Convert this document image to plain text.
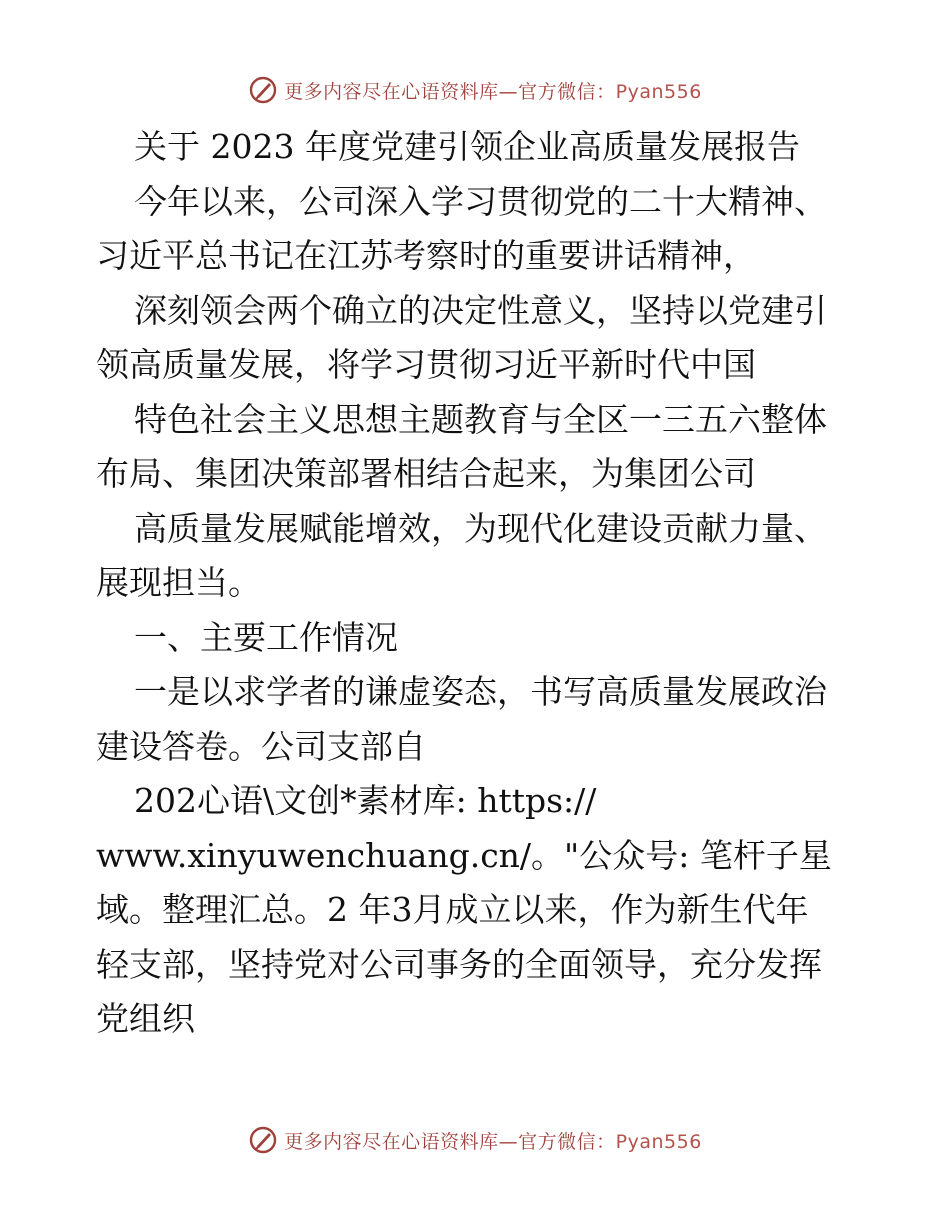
更多内容尽在心语资料库—官方微信：Pyan556
关于 2023 年度党建引领企业高质量发展报告
今年以来，公司深入学习贯彻党的二十大精神、
习近平总书记在江苏考察时的重要讲话精神，
深刻领会两个确立的决定性意义，坚持以党建引
领高质量发展，将学习贯彻习近平新时代中国
特色社会主义思想主题教育与全区一三五六整体
布局、集团决策部署相结合起来，为集团公司
高质量发展赋能增效，为现代化建设贡献力量、
展现担当。
一、主要工作情况
一是以求学者的谦虚姿态，书写高质量发展政治
建设答卷。公司支部自
202心语\文创*素材库: https://
www.xinyuwenchuang.cn/。"公众号: 笔杆子星
域。整理汇总。2 年3月成立以来，作为新生代年
轻支部，坚持党对公司事务的全面领导，充分发挥
党组织
更多内容尽在心语资料库—官方微信：Pyan556
